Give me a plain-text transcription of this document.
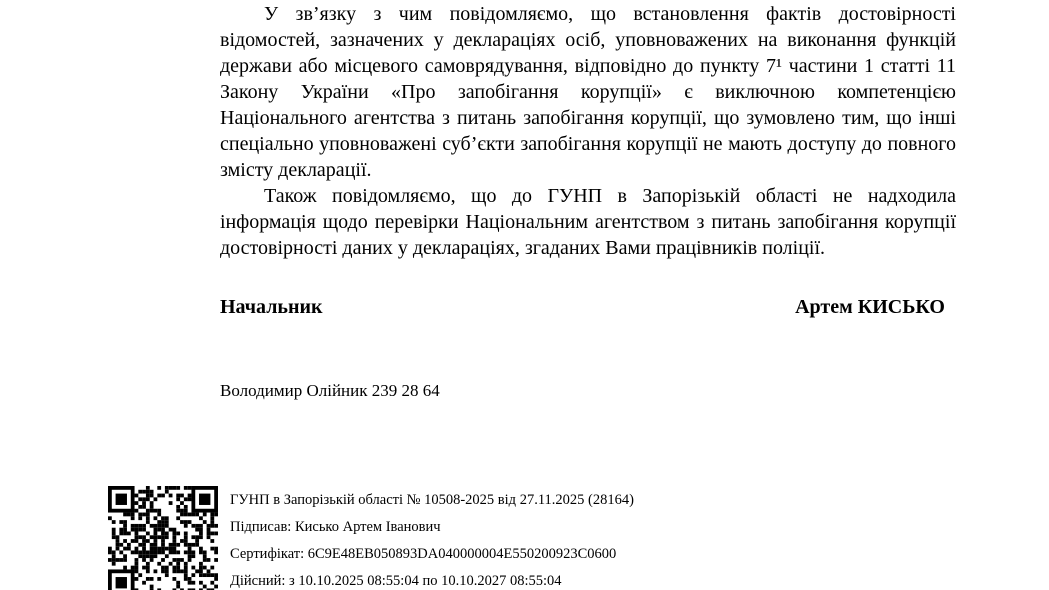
У зв’язку з чим повідомляємо, що встановлення фактів достовірності відомостей, зазначених у деклараціях осіб, уповноважених на виконання функцій держави або місцевого самоврядування, відповідно до пункту 7¹ частини 1 статті 11 Закону України «Про запобігання корупції» є виключною компетенцією Національного агентства з питань запобігання корупції, що зумовлено тим, що інші спеціально уповноважені суб’єкти запобігання корупції не мають доступу до повного змісту декларації.

Також повідомляємо, що до ГУНП в Запорізькій області не надходила інформація щодо перевірки Національним агентством з питань запобігання корупції достовірності даних у деклараціях, згаданих Вами працівників поліції.

Начальник	Артем КИСЬКО
Володимир Олійник 239 28 64
ГУНП в Запорізькій області № 10508-2025 від 27.11.2025 (28164)
Підписав: Кисько Артем Іванович
Сертифікат: 6C9E48EB050893DA040000004E550200923C0600
Дійсний: з 10.10.2025 08:55:04 по 10.10.2027 08:55:04
